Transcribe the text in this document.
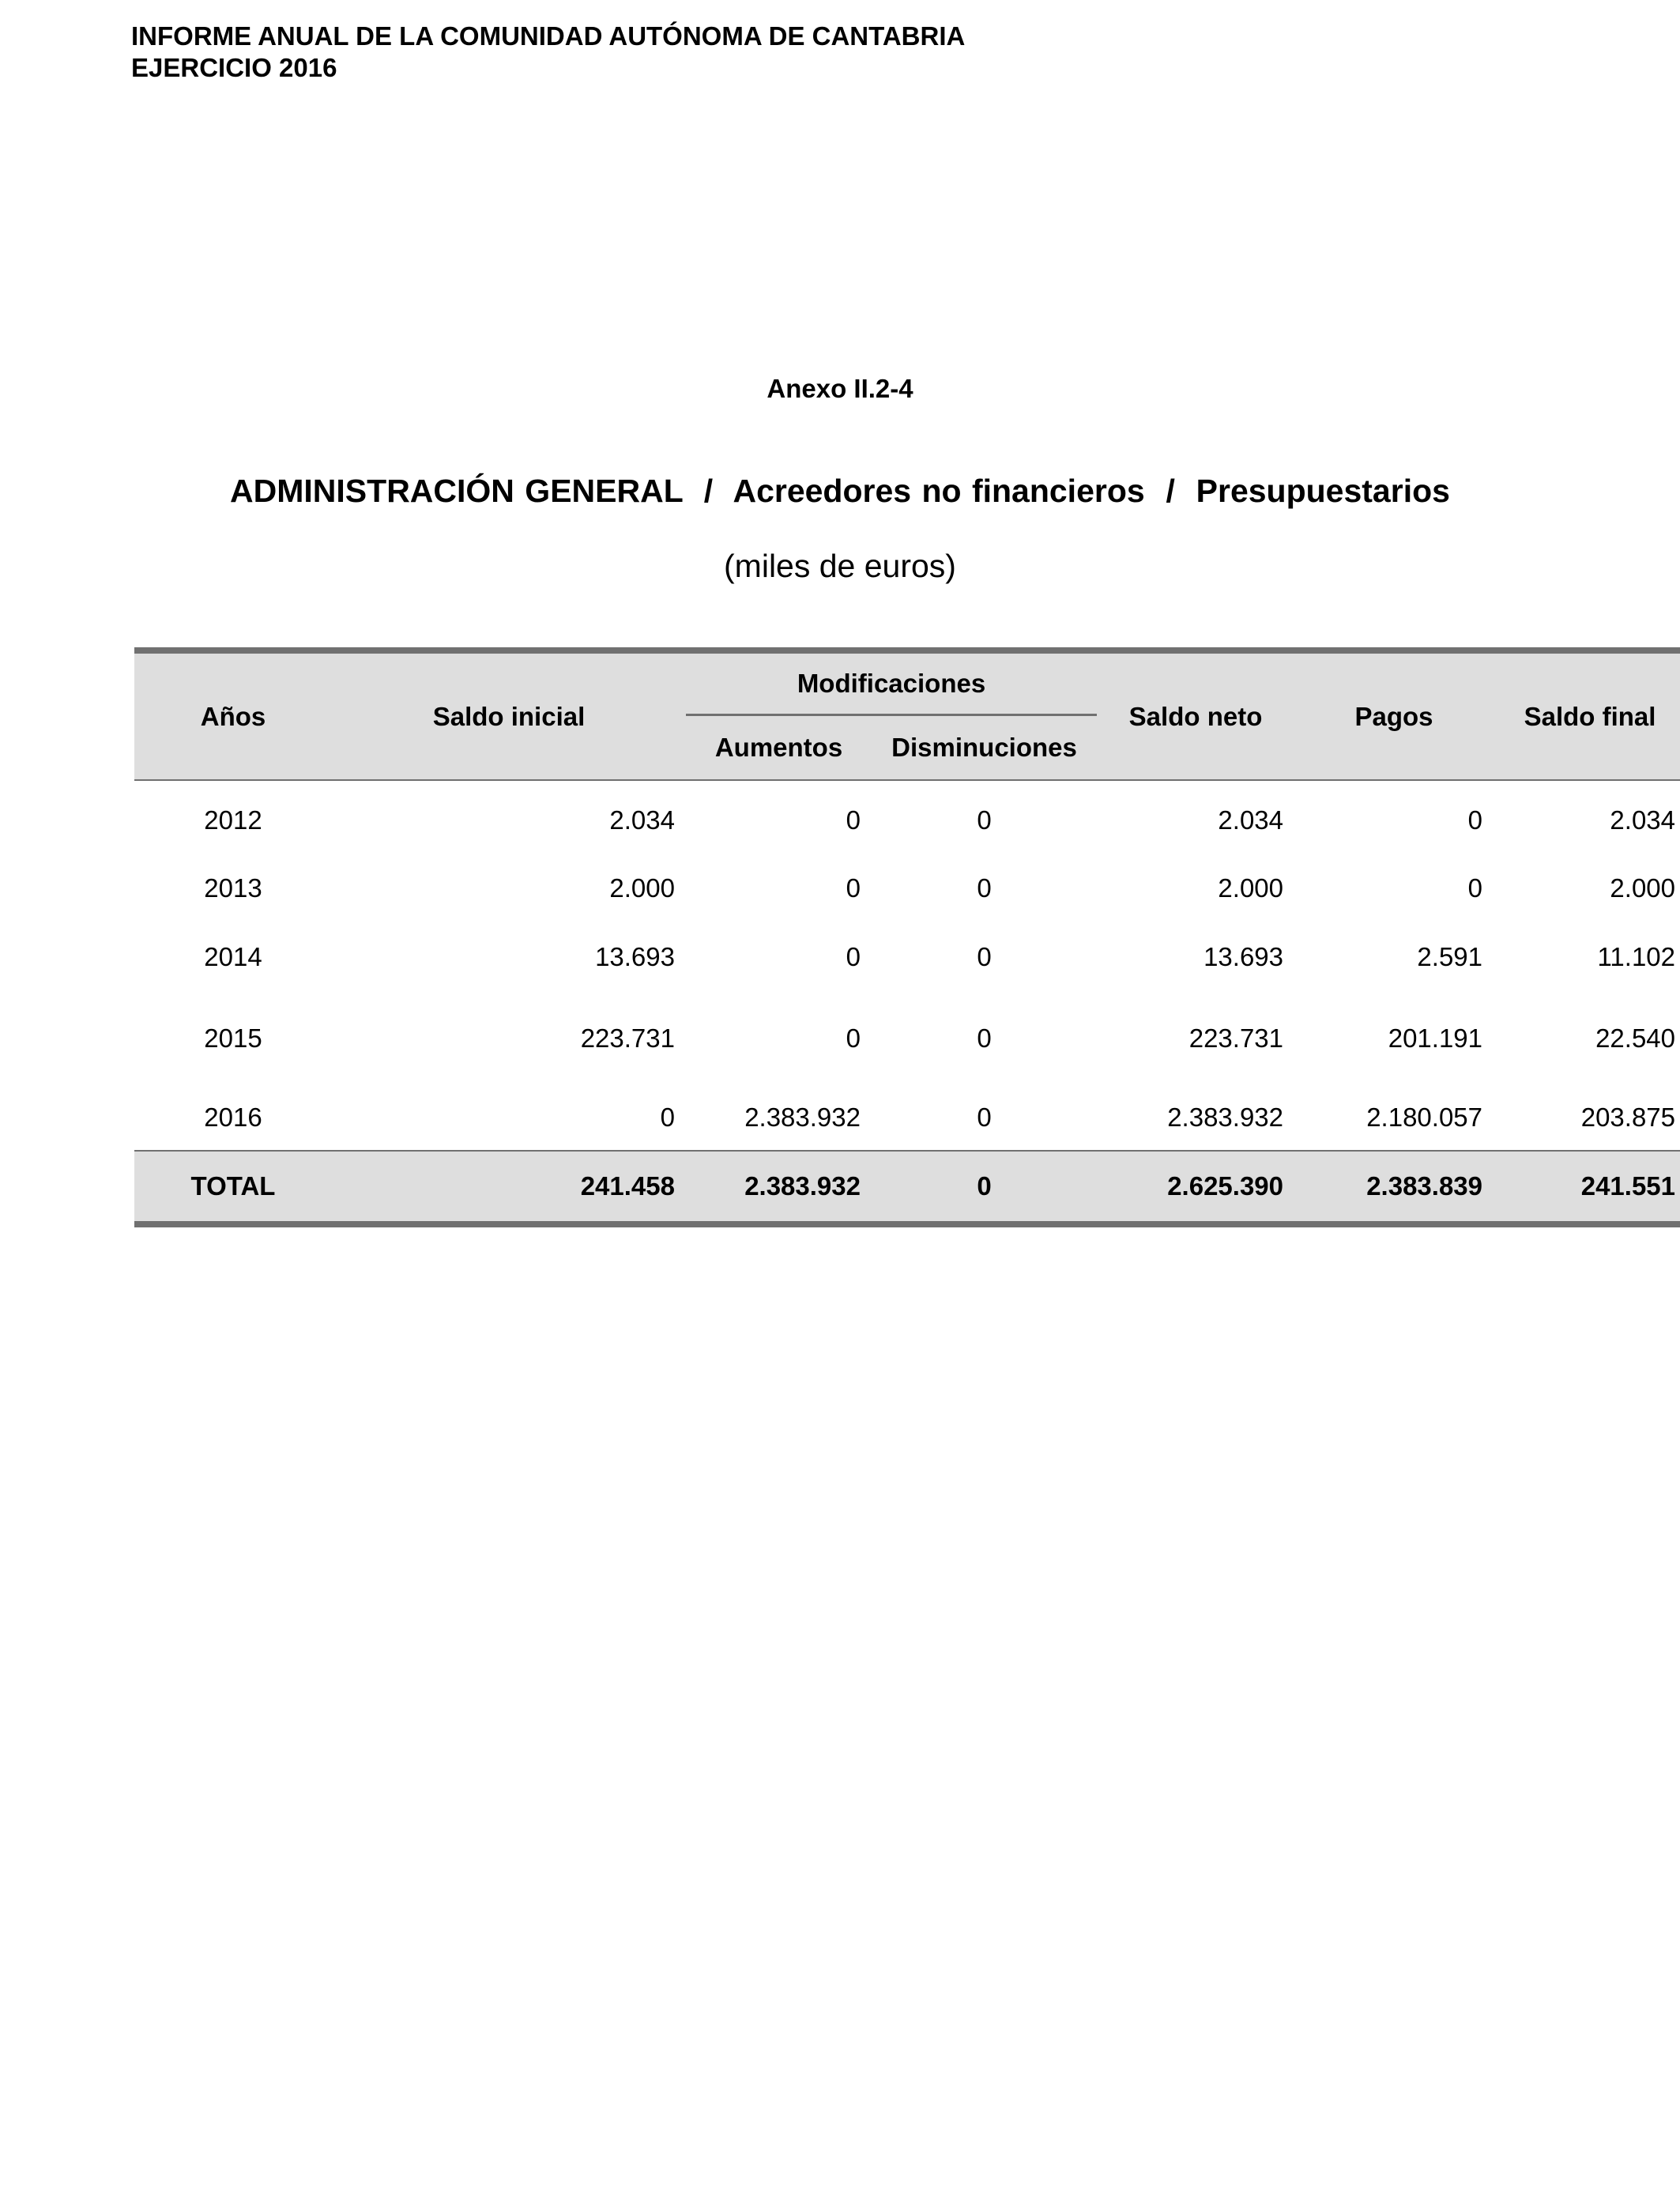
INFORME ANUAL DE LA COMUNIDAD AUTÓNOMA DE CANTABRIA
EJERCICIO 2016
Anexo II.2-4
ADMINISTRACIÓN GENERAL  /  Acreedores no financieros  /  Presupuestarios
(miles de euros)
Años	Saldo inicial	Modificaciones		Saldo neto	Pagos	Saldo final
		Aumentos	Disminuciones			
2012	2.034	0	0	2.034	0	2.034
2013	2.000	0	0	2.000	0	2.000
2014	13.693	0	0	13.693	2.591	11.102
2015	223.731	0	0	223.731	201.191	22.540
2016	0	2.383.932	0	2.383.932	2.180.057	203.875
TOTAL	241.458	2.383.932	0	2.625.390	2.383.839	241.551
